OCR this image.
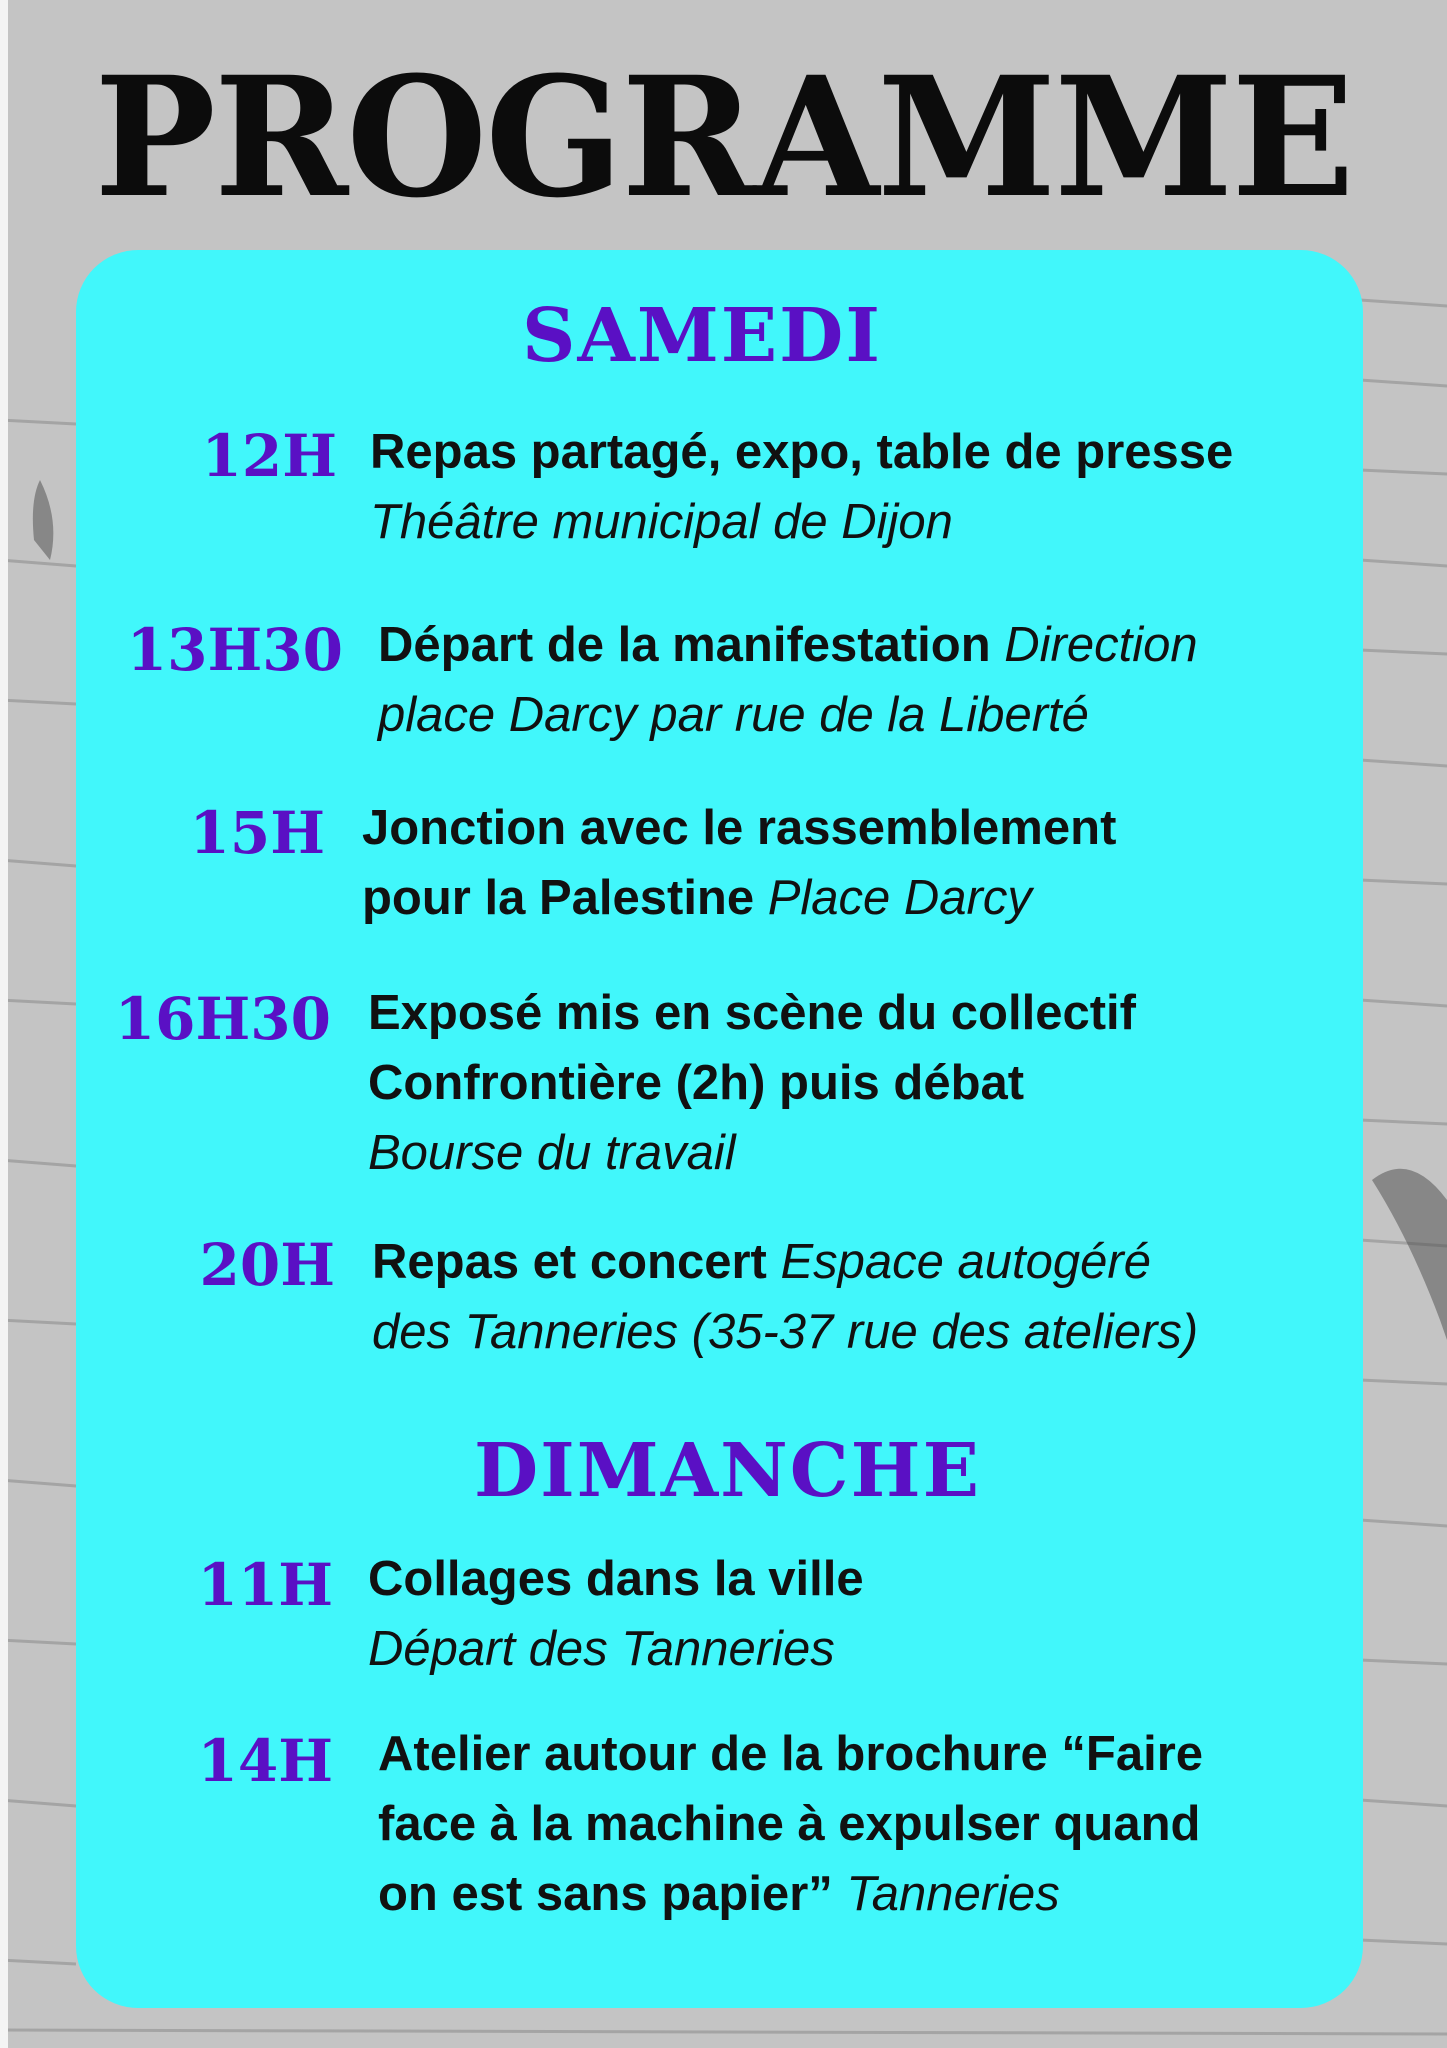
PROGRAMME
SAMEDI
12H Repas partagé, expo, table de presse
Théâtre municipal de Dijon
13H30 Départ de la manifestation Direction
place Darcy par rue de la Liberté
15H Jonction avec le rassemblement
pour la Palestine Place Darcy
16H30 Exposé mis en scène du collectif
Confrontière (2h) puis débat
Bourse du travail
20H Repas et concert Espace autogéré
des Tanneries (35-37 rue des ateliers)
DIMANCHE
11H Collages dans la ville
Départ des Tanneries
14H Atelier autour de la brochure “Faire
face à la machine à expulser quand
on est sans papier” Tanneries
